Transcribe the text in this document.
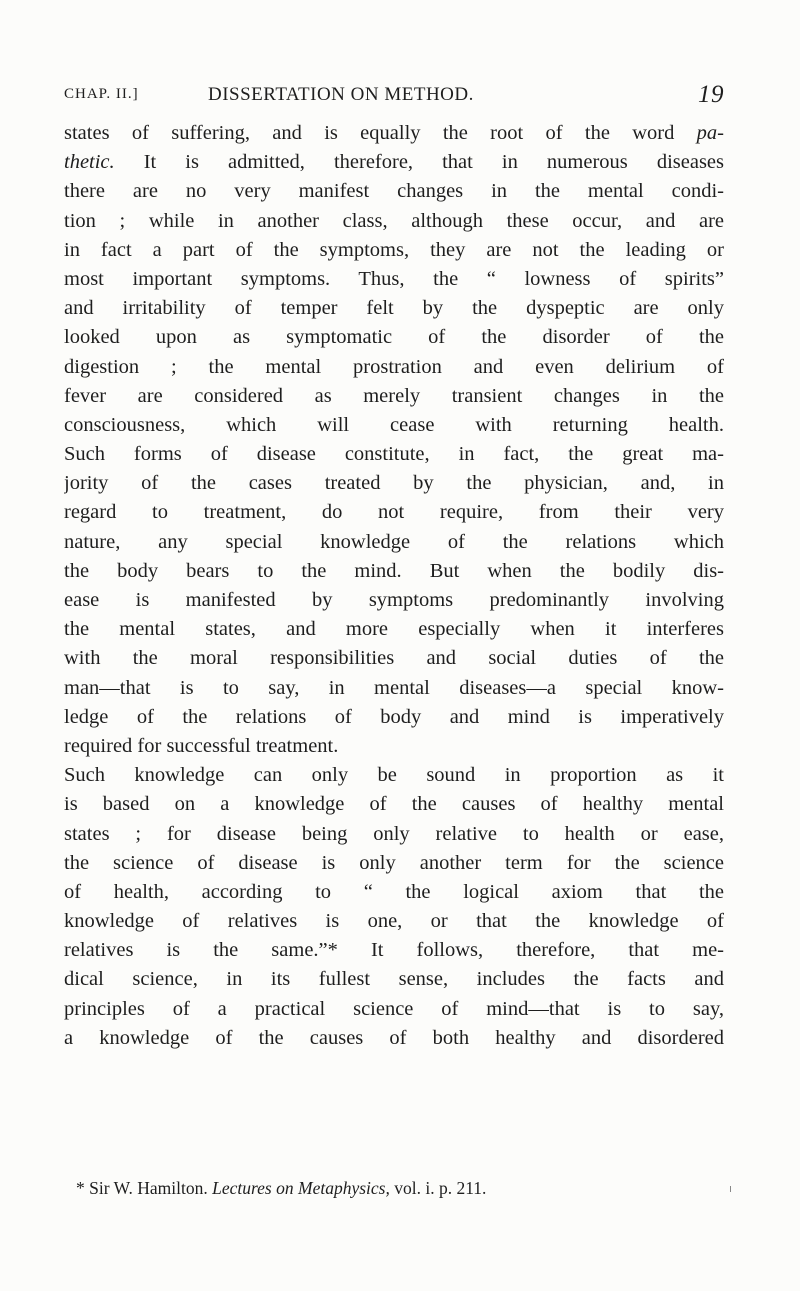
CHAP. II.]	DISSERTATION ON METHOD.	19
states of suffering, and is equally the root of the word pa-
thetic. It is admitted, therefore, that in numerous diseases
there are no very manifest changes in the mental condi-
tion ; while in another class, although these occur, and are
in fact a part of the symptoms, they are not the leading or
most important symptoms. Thus, the “ lowness of spirits”
and irritability of temper felt by the dyspeptic are only
looked upon as symptomatic of the disorder of the
digestion ; the mental prostration and even delirium of
fever are considered as merely transient changes in the
consciousness, which will cease with returning health.
Such forms of disease constitute, in fact, the great ma-
jority of the cases treated by the physician, and, in
regard to treatment, do not require, from their very
nature, any special knowledge of the relations which
the body bears to the mind. But when the bodily dis-
ease is manifested by symptoms predominantly involving
the mental states, and more especially when it interferes
with the moral responsibilities and social duties of the
man—that is to say, in mental diseases—a special know-
ledge of the relations of body and mind is imperatively
required for successful treatment.
Such knowledge can only be sound in proportion as it
is based on a knowledge of the causes of healthy mental
states ; for disease being only relative to health or ease,
the science of disease is only another term for the science
of health, according to “ the logical axiom that the
knowledge of relatives is one, or that the knowledge of
relatives is the same.”* It follows, therefore, that me-
dical science, in its fullest sense, includes the facts and
principles of a practical science of mind—that is to say,
a knowledge of the causes of both healthy and disordered
* Sir W. Hamilton. Lectures on Metaphysics, vol. i. p. 211.
